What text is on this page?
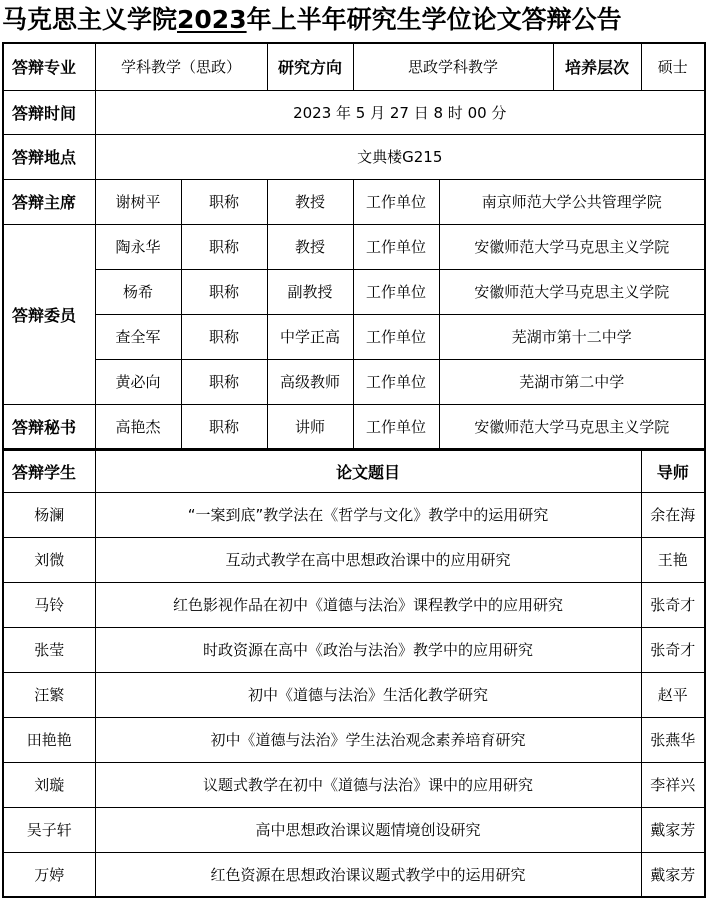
马克思主义学院2023年上半年研究生学位论文答辩公告
答辩专业	学科教学（思政）		研究方向	思政学科教学		培养层次	硕士
答辩时间	2023 年 5 月 27 日 8 时 00 分						
答辩地点	文典楼G215						
答辩主席	谢树平	职称	教授	工作单位	南京师范大学公共管理学院		
答辩委员	陶永华	职称	教授	工作单位	安徽师范大学马克思主义学院		
	杨希	职称	副教授	工作单位	安徽师范大学马克思主义学院		
	查全军	职称	中学正高	工作单位	芜湖市第十二中学		
	黄必向	职称	高级教师	工作单位	芜湖市第二中学		
答辩秘书	高艳杰	职称	讲师	工作单位	安徽师范大学马克思主义学院		
答辩学生	论文题目	导师
杨澜	“一案到底”教学法在《哲学与文化》教学中的运用研究	余在海
刘微	互动式教学在高中思想政治课中的应用研究	王艳
马铃	红色影视作品在初中《道德与法治》课程教学中的应用研究	张奇才
张莹	时政资源在高中《政治与法治》教学中的应用研究	张奇才
汪繁	初中《道德与法治》生活化教学研究	赵平
田艳艳	初中《道德与法治》学生法治观念素养培育研究	张燕华
刘璇	议题式教学在初中《道德与法治》课中的应用研究	李祥兴
吴子轩	高中思想政治课议题情境创设研究	戴家芳
万婷	红色资源在思想政治课议题式教学中的运用研究	戴家芳
